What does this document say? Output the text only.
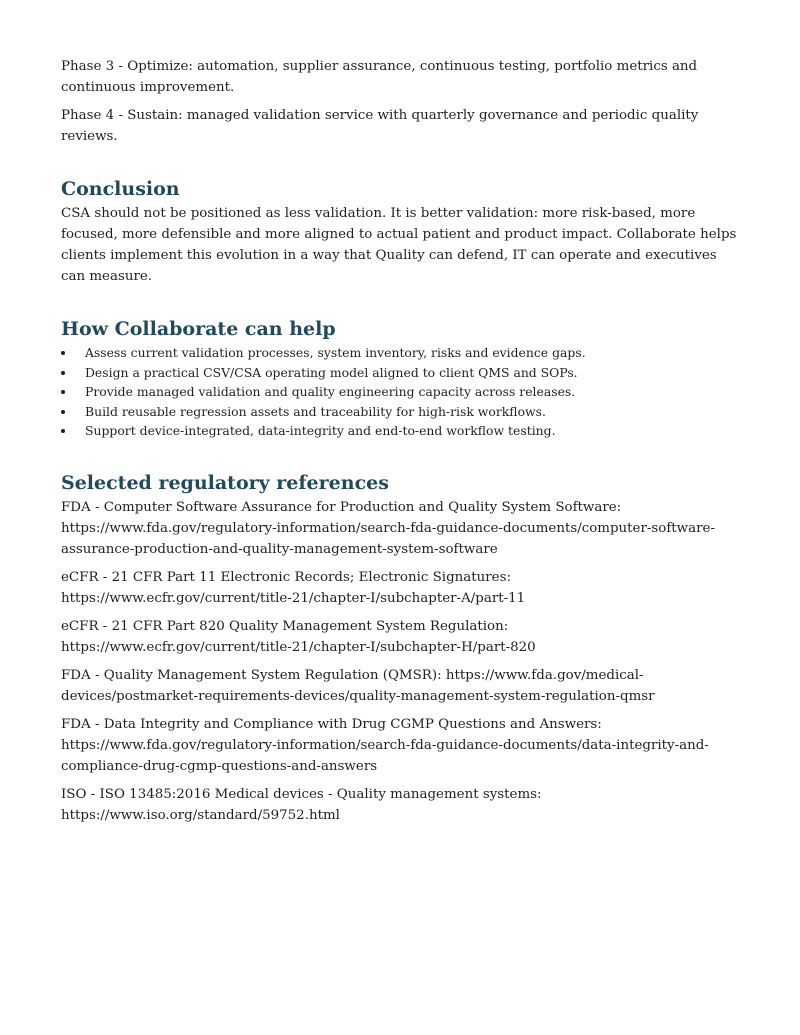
Phase 3 - Optimize: automation, supplier assurance, continuous testing, portfolio metrics and continuous improvement.

Phase 4 - Sustain: managed validation service with quarterly governance and periodic quality reviews.

Conclusion

CSA should not be positioned as less validation. It is better validation: more risk-based, more focused, more defensible and more aligned to actual patient and product impact. Collaborate helps clients implement this evolution in a way that Quality can defend, IT can operate and executives can measure.

How Collaborate can help
Assess current validation processes, system inventory, risks and evidence gaps.
Design a practical CSV/CSA operating model aligned to client QMS and SOPs.
Provide managed validation and quality engineering capacity across releases.
Build reusable regression assets and traceability for high-risk workflows.
Support device-integrated, data-integrity and end-to-end workflow testing.
Selected regulatory references

FDA - Computer Software Assurance for Production and Quality System Software:
https://www.fda.gov/regulatory-information/search-fda-guidance-documents/computer-software-assurance-production-and-quality-management-system-software

eCFR - 21 CFR Part 11 Electronic Records; Electronic Signatures:
https://www.ecfr.gov/current/title-21/chapter-I/subchapter-A/part-11

eCFR - 21 CFR Part 820 Quality Management System Regulation:
https://www.ecfr.gov/current/title-21/chapter-I/subchapter-H/part-820

FDA - Quality Management System Regulation (QMSR): https://www.fda.gov/medical-devices/postmarket-requirements-devices/quality-management-system-regulation-qmsr

FDA - Data Integrity and Compliance with Drug CGMP Questions and Answers:
https://www.fda.gov/regulatory-information/search-fda-guidance-documents/data-integrity-and-compliance-drug-cgmp-questions-and-answers

ISO - ISO 13485:2016 Medical devices - Quality management systems:
https://www.iso.org/standard/59752.html
